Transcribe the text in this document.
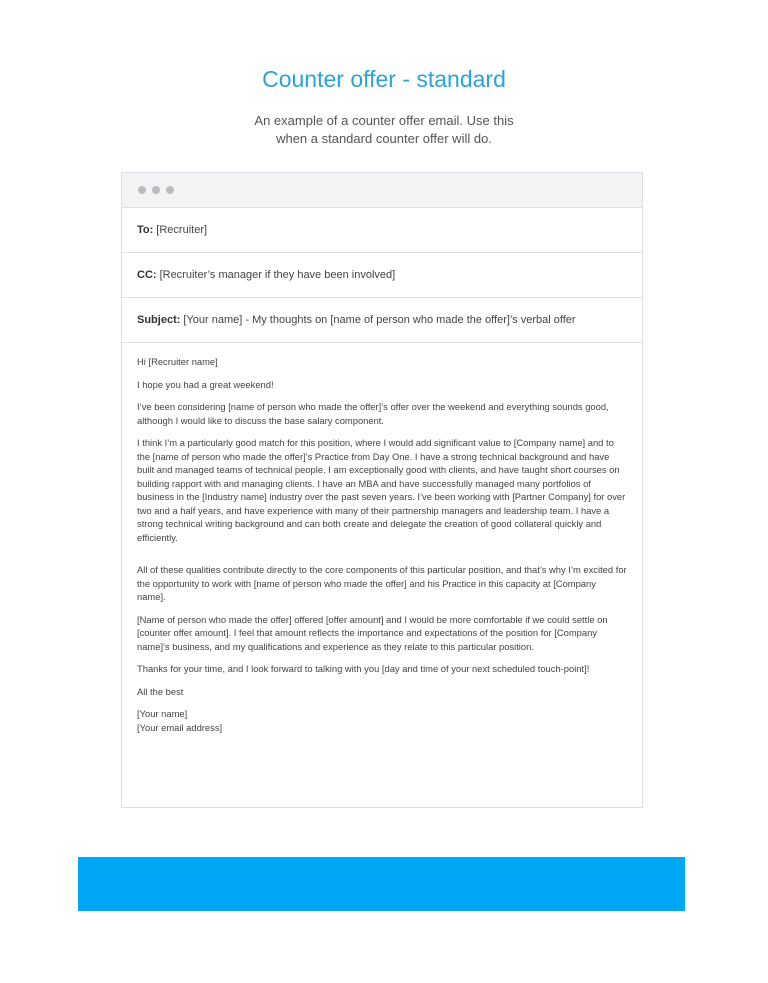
Counter offer - standard
An example of a counter offer email. Use this
when a standard counter offer will do.
To: [Recruiter]
CC: [Recruiter’s manager if they have been involved]
Subject: [Your name] - My thoughts on [name of person who made the offer]’s verbal offer

Hi [Recruiter name]

I hope you had a great weekend!

I’ve been considering [name of person who made the offer]’s offer over the weekend and everything sounds good, although I would like to discuss the base salary component.

I think I’m a particularly good match for this position, where I would add significant value to [Company name] and to the [name of person who made the offer]’s Practice from Day One. I have a strong technical background and have built and managed teams of technical people. I am exceptionally good with clients, and have taught short courses on building rapport with and managing clients. I have an MBA and have successfully managed many portfolios of business in the [Industry name] industry over the past seven years. I’ve been working with [Partner Company] for over two and a half years, and have experience with many of their partnership managers and leadership team. I have a strong technical writing background and can both create and delegate the creation of good collateral quickly and efficiently.

All of these qualities contribute directly to the core components of this particular position, and that’s why I’m excited for the opportunity to work with [name of person who made the offer] and his Practice in this capacity at [Company name].

[Name of person who made the offer] offered [offer amount] and I would be more comfortable if we could settle on [counter offer amount]. I feel that amount reflects the importance and expectations of the position for [Company name]’s business, and my qualifications and experience as they relate to this particular position.

Thanks for your time, and I look forward to talking with you [day and time of your next scheduled touch-point]!

All the best

[Your name]

[Your email address]
